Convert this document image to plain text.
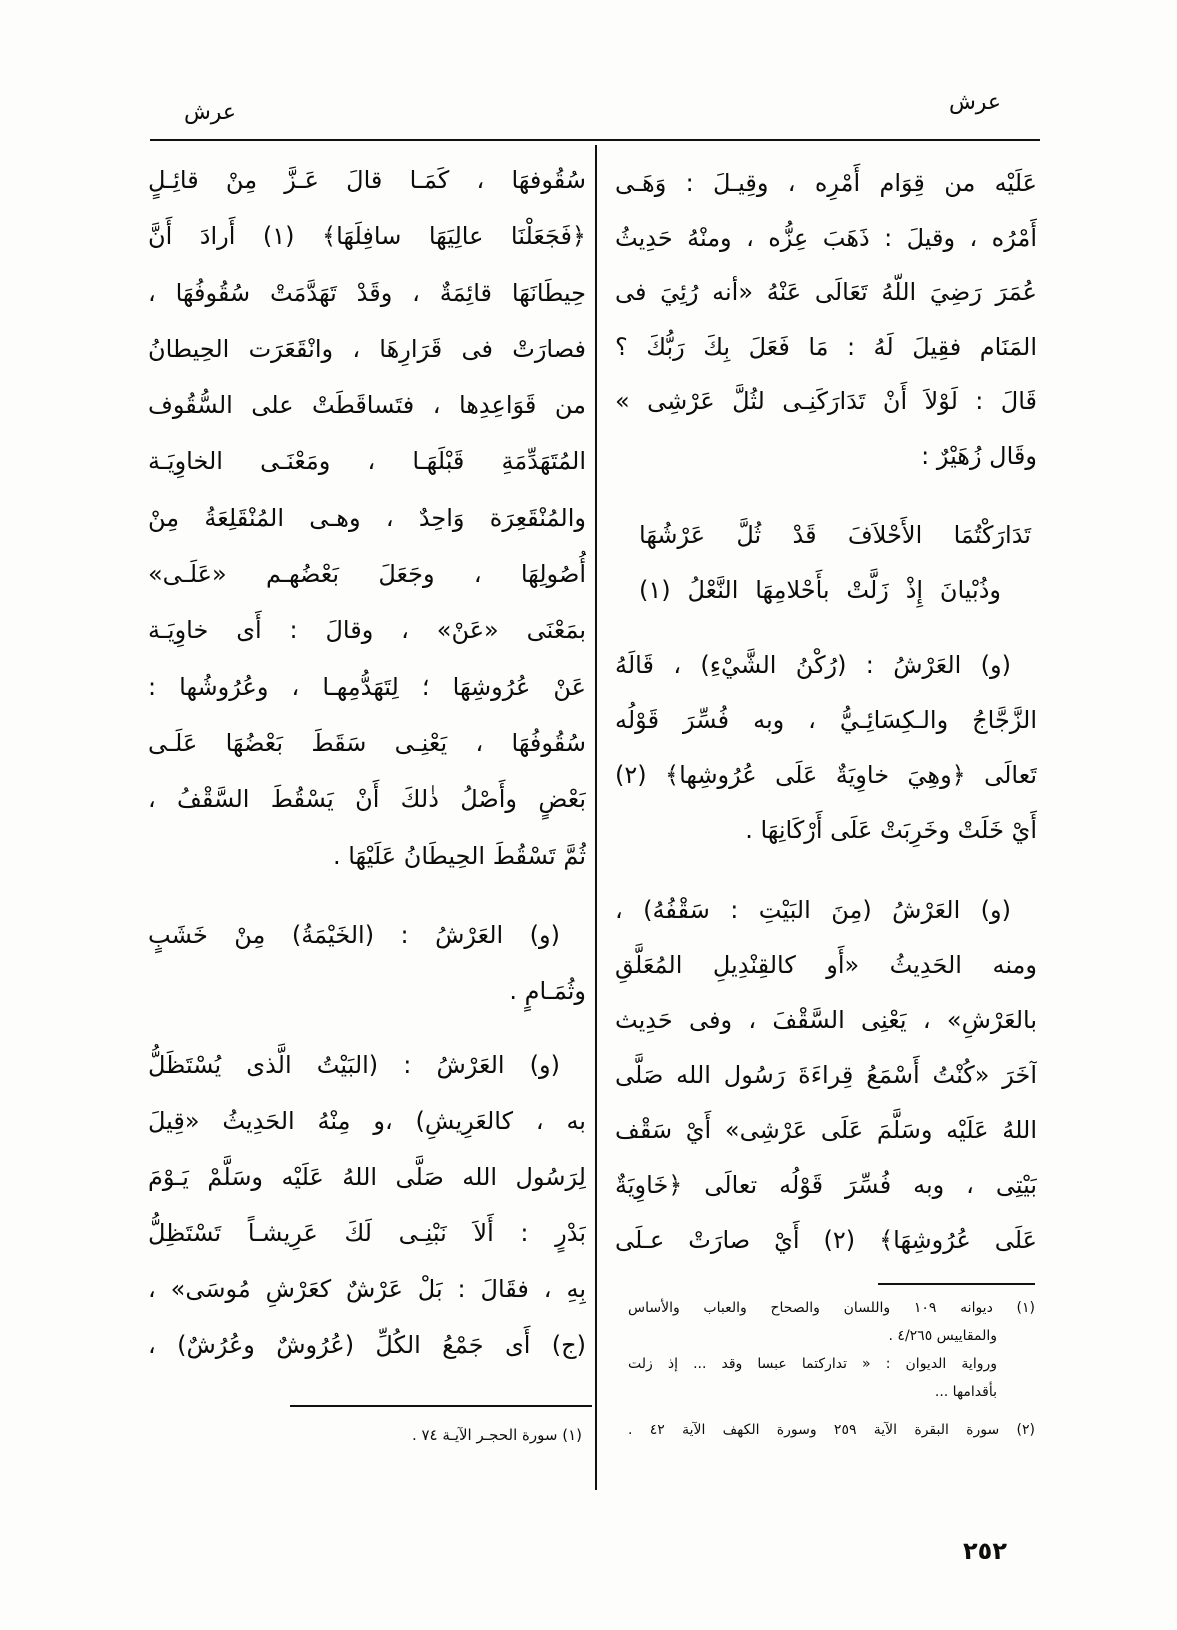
عرش
عرش
عَلَيْه من قِوَام أَمْرِه ، وقِيـلَ : وَهَـى
أَمْرُه ، وقيلَ : ذَهَبَ عِزُّه ، ومنْهُ حَدِيثُ
عُمَرَ رَضِيَ اللّهُ تَعَالَى عَنْهُ «أنه رُئِيَ فى
المَنَام فقِيلَ لَهُ : مَا فَعَلَ بِكَ رَبُّكَ ؟
قَالَ : لَوْلاَ أَنْ تَدَارَكَنِـى لثُلَّ عَرْشِى »
وقَال زُهَيْرٌ :
تَدَارَكْتُمَا الأَحْلاَفَ قَدْ ثُلَّ عَرْشُهَا
وذُبْيانَ إِذْ زَلَّتْ بأَحْلامِهَا النَّعْلُ (١)
(و) العَرْشُ : (رُكْنُ الشَّيْءِ) ، قَالَهُ
الزَّجَّاجُ والـكِسَائِـيُّ ، وبه فُسِّرَ قَوْلُه
تَعالَى ﴿وهِيَ خاوِيَةٌ عَلَى عُرُوشِها﴾ (٢)
أَيْ خَلَتْ وخَرِبَتْ عَلَى أَرْكَانِهَا .
(و) العَرْشُ (مِنَ البَيْتِ : سَقْفُهُ) ،
ومنه الحَدِيثُ «أَو كالقِنْدِيلِ المُعَلَّقِ
بالعَرْشِ» ، يَعْنِى السَّقْفَ ، وفى حَدِيث
آخَرَ «كُنْتُ أَسْمَعُ قِراءَةَ رَسُول الله صَلَّى
اللهُ عَلَيْه وسَلَّمَ عَلَى عَرْشِى» أَيْ سَقْف
بَيْتِى ، وبه فُسِّرَ قَوْلُه تعالَى ﴿خَاوِيَةٌ
عَلَى عُرُوشِهَا﴾ (٢) أَيْ صارَتْ عـلَى
(١) ديوانه ١٠٩ واللسان والصحاح والعباب والأساس
والمقاييس ٤/٢٦٥ .
ورواية الديوان : « تداركتما عبسا وقد ... إذ زلت
بأقدامها ...
(٢) سورة البقرة الآية ٢٥٩ وسورة الكهف الآية ٤٢ .
سُقُوفهَا ، كَمَـا قالَ عَـزَّ مِنْ قائِـلٍ
﴿فَجَعَلْنَا عالِيَهَا سافِلَهَا﴾ (١) أَرادَ أَنَّ
حِيطَانَهَا قائِمَةٌ ، وقَدْ تَهَدَّمَتْ سُقُوفُهَا ،
فصارَتْ فى قَرَارِهَا ، وانْقَعَرَت الحِيطانُ
من قَوَاعِدِها ، فتَساقَطَتْ على السُّقُوف
المُتَهَدِّمَةِ قَبْلَهَـا ، ومَعْنَـى الخاوِيَـة
والمُنْقَعِرَة وَاحِدٌ ، وهـى المُنْقَلِعَةُ مِنْ
أُصُولِهَا ، وجَعَلَ بَعْضُهـم «عَلَـى»
بمَعْنَى «عَنْ» ، وقالَ : أَى خاوِيَـة
عَنْ عُرُوشِهَا ؛ لِتَهَدُّمِهـا ، وعُرُوشُها :
سُقُوفُهَا ، يَعْنِـى سَقَطَ بَعْضُهَا عَلَـى
بَعْضٍ وأَصْلُ ذٰلكَ أَنْ يَسْقُطَ السَّقْفُ ،
ثُمَّ تَسْقُطَ الحِيطَانُ عَلَيْهَا .
(و) العَرْشُ : (الخَيْمَةُ) مِنْ خَشَبٍ
وثُمَـامٍ .
(و) العَرْشُ : (البَيْتُ الَّذى يُسْتَظَلُّ
به ، كالعَرِيشِ) ،و مِنْهُ الحَدِيثُ «قِيلَ
لِرَسُول الله صَلَّى اللهُ عَلَيْه وسَلَّمْ يَـوْمَ
بَدْرٍ : أَلاَ نَبْنِـى لَكَ عَرِيشـاً تَسْتَظِلُّ
بِهِ ، فقَالَ : بَلْ عَرْشٌ كعَرْشِ مُوسَى» ،
(ج) أَى جَمْعُ الكُلِّ (عُرُوشٌ وعُرُشٌ) ،
(١) سورة الحجـر الآيـة ٧٤ .
٢٥٢
